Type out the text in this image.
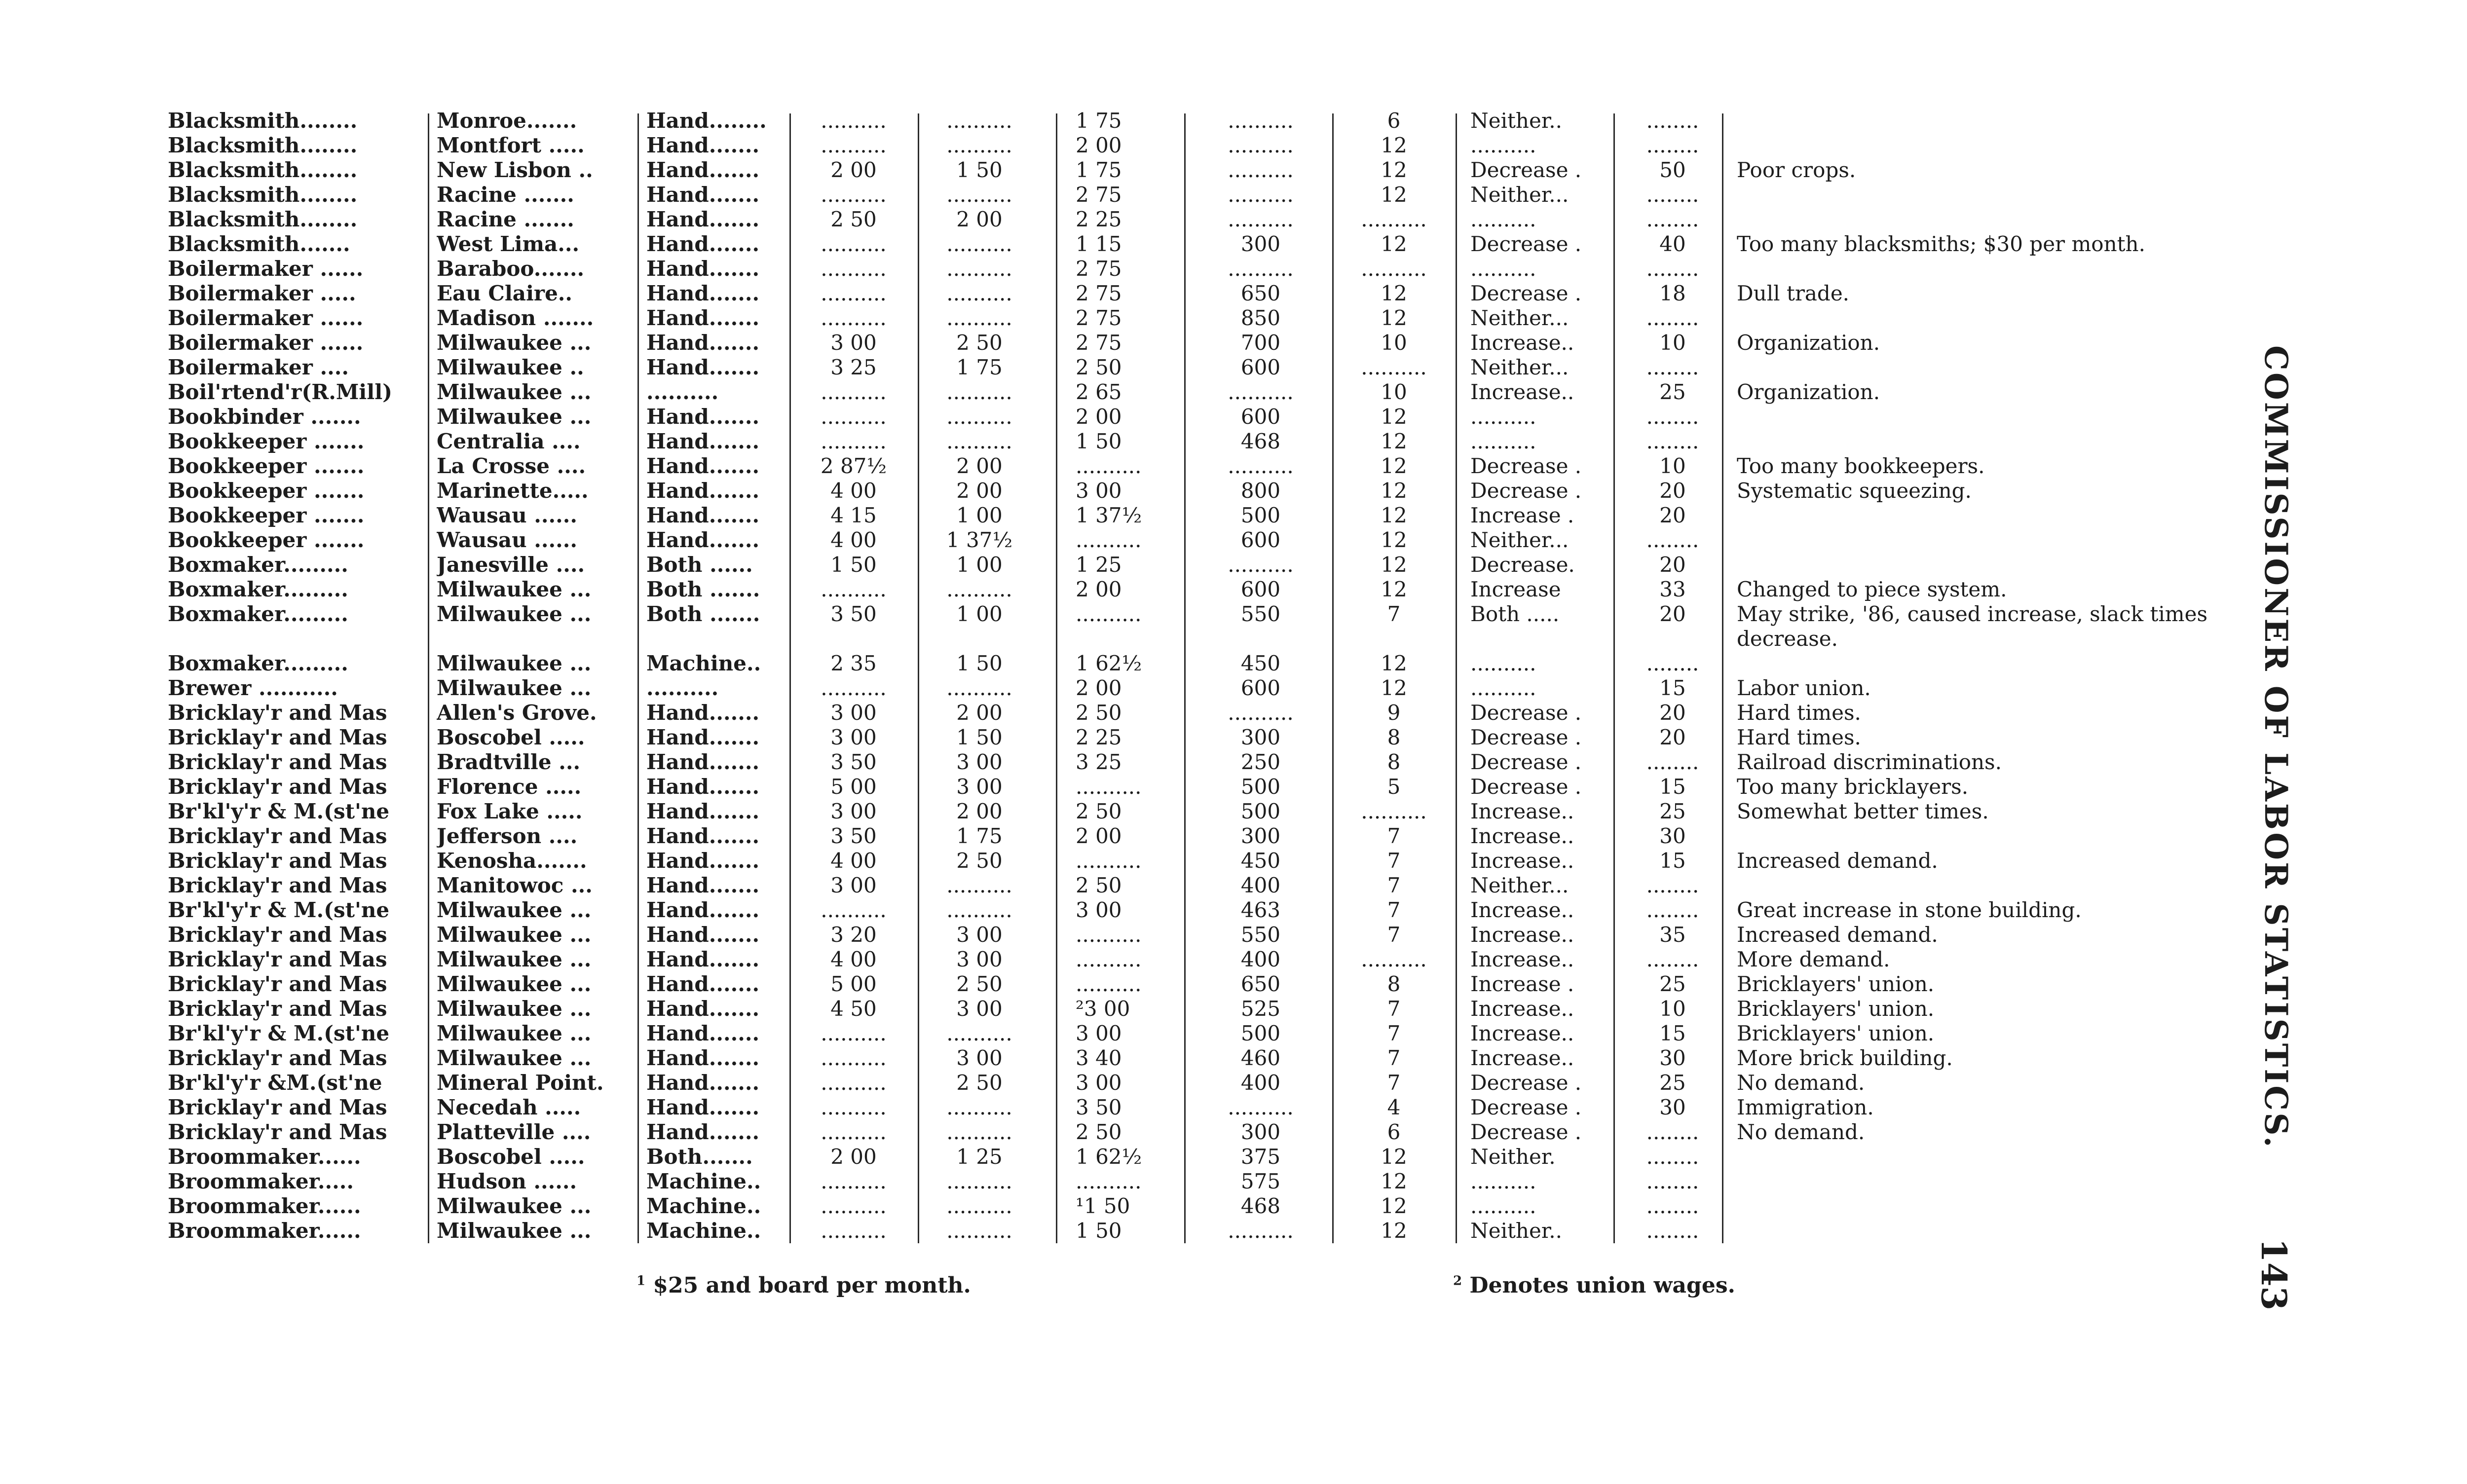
Blacksmith........	Monroe.......	Hand........	..........	..........	1 75	..........	6	Neither..	........
Blacksmith........	Montfort .....	Hand.......	..........	..........	2 00	..........	12	..........	........
Blacksmith........	New Lisbon ..	Hand.......	2 00	1 50	1 75	..........	12	Decrease .	50	Poor crops.
Blacksmith........	Racine .......	Hand.......	..........	..........	2 75	..........	12	Neither...	........
Blacksmith........	Racine .......	Hand.......	2 50	2 00	2 25	..........	..........	..........	........
Blacksmith.......	West Lima...	Hand.......	..........	..........	1 15	300	12	Decrease .	40	Too many blacksmiths; $30 per month.
Boilermaker ......	Baraboo.......	Hand.......	..........	..........	2 75	..........	..........	..........	........
Boilermaker .....	Eau Claire..	Hand.......	..........	..........	2 75	650	12	Decrease .	18	Dull trade.
Boilermaker ......	Madison .......	Hand.......	..........	..........	2 75	850	12	Neither...	........
Boilermaker ......	Milwaukee ...	Hand.......	3 00	2 50	2 75	700	10	Increase..	10	Organization.
Boilermaker ....	Milwaukee ..	Hand.......	3 25	1 75	2 50	600	..........	Neither...	........
Boil'rtend'r(R.Mill)	Milwaukee ...	..........	..........	..........	2 65	..........	10	Increase..	25	Organization.
Bookbinder .......	Milwaukee ...	Hand.......	..........	..........	2 00	600	12	..........	........
Bookkeeper .......	Centralia ....	Hand.......	..........	..........	1 50	468	12	..........	........
Bookkeeper .......	La Crosse ....	Hand.......	2 87½	2 00	..........	..........	12	Decrease .	10	Too many bookkeepers.
Bookkeeper .......	Marinette.....	Hand.......	4 00	2 00	3 00	800	12	Decrease .	20	Systematic squeezing.
Bookkeeper .......	Wausau ......	Hand.......	4 15	1 00	1 37½	500	12	Increase .	20
Bookkeeper .......	Wausau ......	Hand.......	4 00	1 37½	..........	600	12	Neither...	........
Boxmaker.........	Janesville ....	Both ......	1 50	1 00	1 25	..........	12	Decrease.	20
Boxmaker.........	Milwaukee ...	Both .......	..........	..........	2 00	600	12	Increase	33	Changed to piece system.
Boxmaker.........	Milwaukee ...	Both .......	3 50	1 00	..........	550	7	Both .....	20	May strike, '86, caused increase, slack times decrease.
Boxmaker.........	Milwaukee ...	Machine..	2 35	1 50	1 62½	450	12	..........	........
Brewer ...........	Milwaukee ...	..........	..........	..........	2 00	600	12	..........	15	Labor union.
Bricklay'r and Mas	Allen's Grove.	Hand.......	3 00	2 00	2 50	..........	9	Decrease .	20	Hard times.
Bricklay'r and Mas	Boscobel .....	Hand.......	3 00	1 50	2 25	300	8	Decrease .	20	Hard times.
Bricklay'r and Mas	Bradtville ...	Hand.......	3 50	3 00	3 25	250	8	Decrease .	........	Railroad discriminations.
Bricklay'r and Mas	Florence .....	Hand.......	5 00	3 00	..........	500	5	Decrease .	15	Too many bricklayers.
Br'kl'y'r & M.(st'ne	Fox Lake .....	Hand.......	3 00	2 00	2 50	500	..........	Increase..	25	Somewhat better times.
Bricklay'r and Mas	Jefferson ....	Hand.......	3 50	1 75	2 00	300	7	Increase..	30
Bricklay'r and Mas	Kenosha.......	Hand.......	4 00	2 50	..........	450	7	Increase..	15	Increased demand.
Bricklay'r and Mas	Manitowoc ...	Hand.......	3 00	..........	2 50	400	7	Neither...	........
Br'kl'y'r & M.(st'ne	Milwaukee ...	Hand.......	..........	..........	3 00	463	7	Increase..	........	Great increase in stone building.
Bricklay'r and Mas	Milwaukee ...	Hand.......	3 20	3 00	..........	550	7	Increase..	35	Increased demand.
Bricklay'r and Mas	Milwaukee ...	Hand.......	4 00	3 00	..........	400	..........	Increase..	........	More demand.
Bricklay'r and Mas	Milwaukee ...	Hand.......	5 00	2 50	..........	650	8	Increase .	25	Bricklayers' union.
Bricklay'r and Mas	Milwaukee ...	Hand.......	4 50	3 00	²3 00	525	7	Increase..	10	Bricklayers' union.
Br'kl'y'r & M.(st'ne	Milwaukee ...	Hand.......	..........	..........	3 00	500	7	Increase..	15	Bricklayers' union.
Bricklay'r and Mas	Milwaukee ...	Hand.......	..........	3 00	3 40	460	7	Increase..	30	More brick building.
Br'kl'y'r &M.(st'ne	Mineral Point.	Hand.......	..........	2 50	3 00	400	7	Decrease .	25	No demand.
Bricklay'r and Mas	Necedah .....	Hand.......	..........	..........	3 50	..........	4	Decrease .	30	Immigration.
Bricklay'r and Mas	Platteville ....	Hand.......	..........	..........	2 50	300	6	Decrease .	........	No demand.
Broommaker......	Boscobel .....	Both.......	2 00	1 25	1 62½	375	12	Neither.	........
Broommaker.....	Hudson ......	Machine..	..........	..........	..........	575	12	..........	........
Broommaker......	Milwaukee ...	Machine..	..........	..........	¹1 50	468	12	..........	........
Broommaker......	Milwaukee ...	Machine..	..........	..........	1 50	..........	12	Neither..	........
$^1$ $25 and board per month.	$^2$ Denotes union wages.
COMMISSIONER OF LABOR STATISTICS.
143
